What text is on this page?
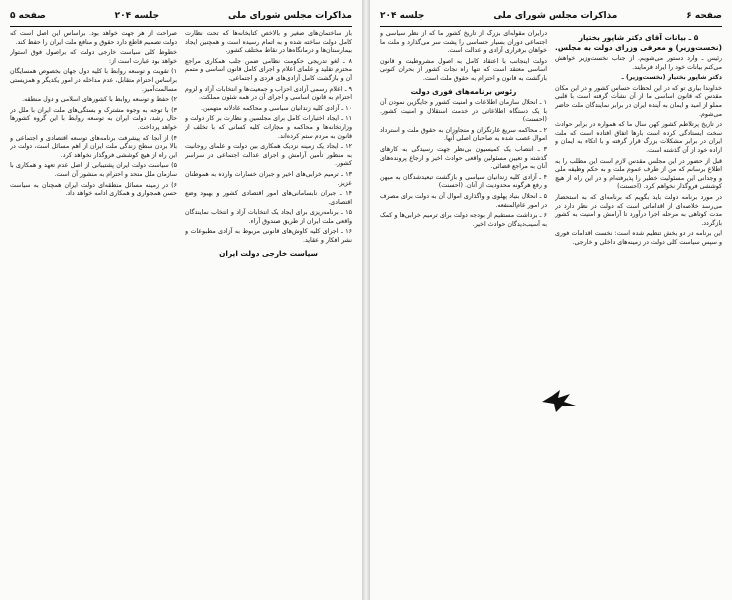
مذاکرات مجلس شورای ملی
جلسه ۲۰۴
صفحه ۵

باز ساختمان‌های صغیر و بالاخص کتابخانه‌ها که تحت نظارت کامل دولت ساخته شده و به اتمام رسیده است و همچنین ایجاد بیمارستان‌ها و درمانگاه‌ها در نقاط مختلف کشور.

۸ ـ لغو تدریجی حکومت نظامی ضمن جلب همکاری مراجع محترم تقلید و علمای اعلام و اجرای کامل قانون اساسی و متمم آن و بازگشت کامل آزادی‌های فردی و اجتماعی.

۹ ـ اعلام رسمی آزادی احزاب و جمعیت‌ها و انتخابات آزاد و لزوم احترام به قانون اساسی و اجرای آن در همه شئون مملکت.

۱۰ ـ آزادی کلیه زندانیان سیاسی و محاکمه عادلانه متهمین.

۱۱ ـ ایجاد اختیارات کامل برای مجلسین و نظارت بر کار دولت و وزارتخانه‌ها و محاکمه و مجازات کلیه کسانی که با تخلف از قانون به مردم ستم کرده‌اند.

۱۲ ـ ایجاد یک زمینه نزدیک همکاری بین دولت و علمای روحانیت به منظور تأمین آرامش و اجرای عدالت اجتماعی در سراسر کشور.

۱۳ ـ ترمیم خرابی‌های اخیر و جبران خسارات وارده به هموطنان عزیز.

۱۴ ـ جبران نابسامانی‌های امور اقتصادی کشور و بهبود وضع اقتصادی.

۱۵ ـ برنامه‌ریزی برای ایجاد یک انتخابات آزاد و انتخاب نمایندگان واقعی ملت ایران از طریق صندوق آراء.

۱۶ ـ اجرای کلیه کاوش‌های قانونی مربوط به آزادی مطبوعات و نشر افکار و عقاید.

سیاست خارجی دولت ایران

صراحت از هر جهت خواهد بود. براساس این اصل است که دولت تصمیم قاطع دارد حقوق و منافع ملت ایران را حفظ کند.

خطوط کلی سیاست خارجی دولت که براصول فوق استوار خواهد بود عبارت است از:

۱) تقویت و توسعه روابط با کلیه دول جهان بخصوص همسایگان براساس احترام متقابل، عدم مداخله در امور یکدیگر و همزیستی مسالمت‌آمیز.

۲) حفظ و توسعه روابط با کشورهای اسلامی و دول منطقه.

۳) با توجه به وجوه مشترک و بستگی‌های ملت ایران با ملل در حال رشد، دولت ایران به توسعه روابط با این گروه کشورها خواهد پرداخت.

۴) از آنجا که پیشرفت برنامه‌های توسعه اقتصادی و اجتماعی و بالا بردن سطح زندگی ملت ایران از اهم مسائل است، دولت در این راه از هیچ کوششی فروگذار نخواهد کرد.

۵) سیاست دولت ایران پشتیبانی از اصل عدم تعهد و همکاری با سازمان ملل متحد و احترام به منشور آن است.

۶) در زمینه مسائل منطقه‌ای دولت ایران همچنان به سیاست حسن همجواری و همکاری ادامه خواهد داد.

صفحه ۶
مذاکرات مجلس شورای ملی
جلسه ۲۰۴
۵ ـ بیانات آقای دکتر شاپور بختیار (نخست‌وزیر) و معرفی وزرای دولت به مجلس.

رئیس ـ وارد دستور می‌شویم. از جناب نخست‌وزیر خواهش می‌کنم بیانات خود را ایراد فرمایند.

دکتر شاپور بختیار (نخست‌وزیر) ـ

خداوندا بیاری تو که در این لحظات حساس کشور و در این مکان مقدس که قانون اساسی ما از آن نشأت گرفته است با قلبی مملو از امید و ایمان به آینده ایران در برابر نمایندگان ملت حاضر می‌شوم.

در تاریخ پرتلاطم کشور کهن سال ما که همواره در برابر حوادث سخت ایستادگی کرده است بارها اتفاق افتاده است که ملت ایران در برابر مشکلات بزرگ قرار گرفته و با اتکاء به ایمان و اراده خود از آن گذشته است.

قبل از حضور در این مجلس مقدس لازم است این مطلب را به اطلاع برسانم که من از طرف عموم ملت و به حکم وظیفه ملی و وجدانی این مسئولیت خطیر را پذیرفته‌ام و در این راه از هیچ کوششی فروگذار نخواهم کرد. (احسنت)

در مورد برنامه دولت باید بگویم که برنامه‌ای که به استحضار می‌رسد خلاصه‌ای از اقداماتی است که دولت در نظر دارد در مدت کوتاهی به مرحله اجرا درآورد تا آرامش و امنیت به کشور بازگردد.

این برنامه در دو بخش تنظیم شده است: نخست اقدامات فوری و سپس سیاست کلی دولت در زمینه‌های داخلی و خارجی.

درایران مقوله‌ای بزرگ از تاریخ کشور ما که از نظر سیاسی و اجتماعی دوران بسیار حساسی را پشت سر می‌گذارد و ملت ما خواهان برقراری آزادی و عدالت است.

دولت اینجانب با اعتقاد کامل به اصول مشروطیت و قانون اساسی معتقد است که تنها راه نجات کشور از بحران کنونی بازگشت به قانون و احترام به حقوق ملت است.

رئوس برنامه‌های فوری دولت

۱ ـ انحلال سازمان اطلاعات و امنیت کشور و جایگزین نمودن آن با یک دستگاه اطلاعاتی در خدمت استقلال و امنیت کشور. (احسنت)

۲ ـ محاکمه سریع غارتگران و متجاوزان به حقوق ملت و استرداد اموال غصب شده به صاحبان اصلی آنها.

۳ ـ انتصاب یک کمیسیون بی‌نظر جهت رسیدگی به کارهای گذشته و تعیین مسئولین واقعی حوادث اخیر و ارجاع پرونده‌های آنان به مراجع قضائی.

۴ ـ آزادی کلیه زندانیان سیاسی و بازگشت تبعیدشدگان به میهن و رفع هرگونه محدودیت از آنان. (احسنت)

۵ ـ انحلال بنیاد پهلوی و واگذاری اموال آن به دولت برای مصرف در امور عام‌المنفعه.

۶ ـ برداشت مستقیم از بودجه دولت برای ترمیم خرابی‌ها و کمک به آسیب‌دیدگان حوادث اخیر.
